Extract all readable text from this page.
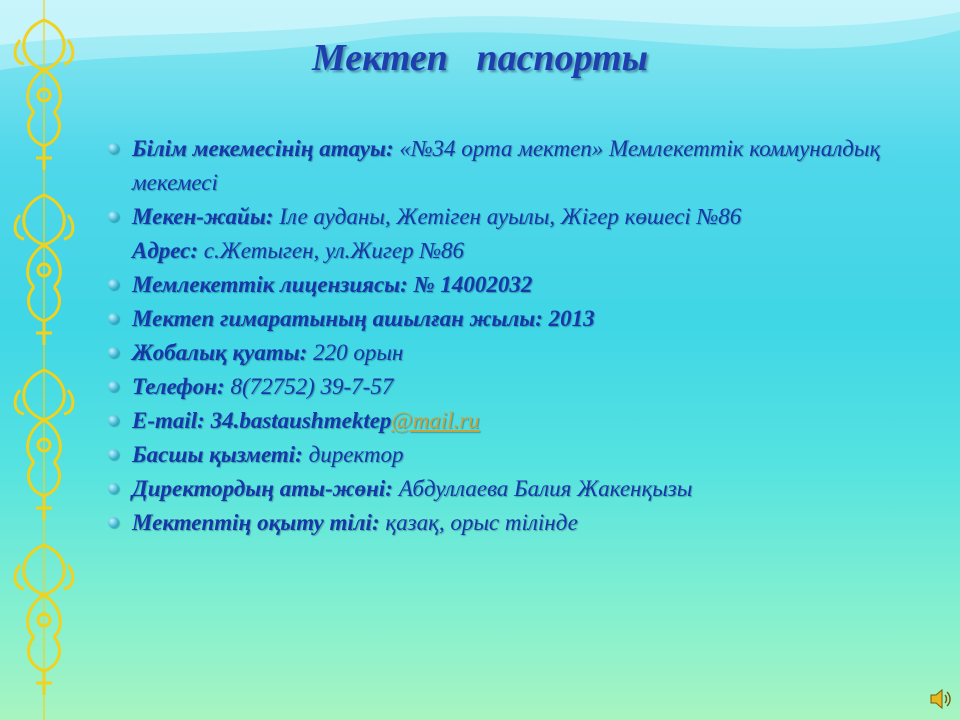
Мектеп   паспорты
Білім мекемесінің атауы: «№34 орта мектеп» Мемлекеттік коммуналдық мекемесі
Мекен-жайы: Іле ауданы, Жетіген ауылы, Жігер көшесі №86
Адрес: с.Жетыген, ул.Жигер №86
Мемлекеттік лицензиясы: № 14002032
Мектеп гимаратының ашылған жылы: 2013
Жобалық қуаты: 220 орын
Телефон: 8(72752) 39-7-57
E-mail: 34.bastaushmektep@mail.ru
Басшы қызметі: директор
Директордың аты-жөні: Абдуллаева Балия Жакенқызы
Мектептің оқыту тілі: қазақ, орыс тілінде
